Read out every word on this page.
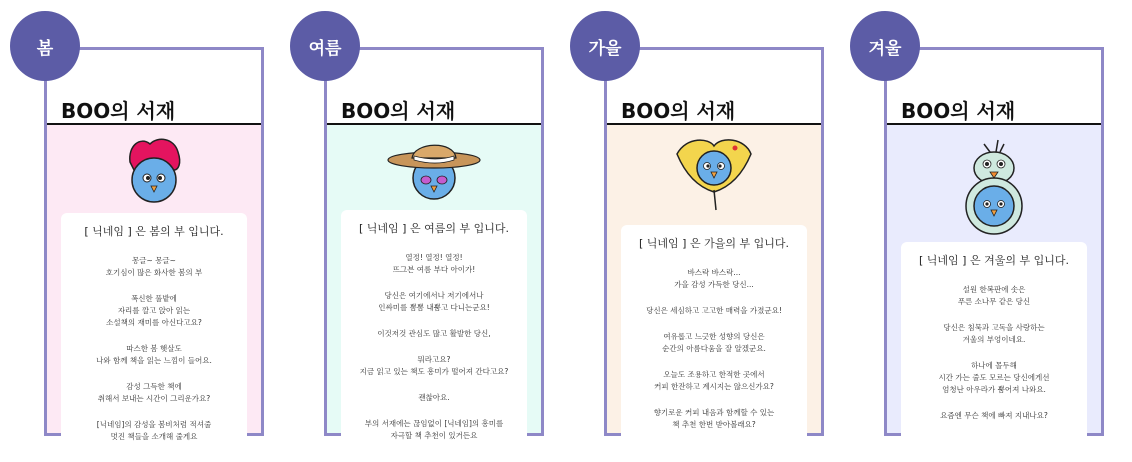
봄
BOO의 서재
[ 닉네임 ] 은 봄의 부 입니다.
몽글~ 몽글~
호기심이 많은 화사한 봄의 부
폭신한 풀밭에
자리를 깔고 앉아 읽는
소설책의 재미를 아신다고요?
따스한 봄 햇살도
나와 함께 책을 읽는 느낌이 들어요.
감성 그득한 책에
취해서 보내는 시간이 그리운가요?
[닉네임]의 감성을 봄비처럼 적셔줄
멋진 책들을 소개해 줄게요
여름
BOO의 서재
[ 닉네임 ] 은 여름의 부 입니다.
열정! 열정! 열정!
뜨그븐 여름 부다 아이가!
당신은 여기에서나 저기에서나
인싸미를 뽐뽐 내뿜고 다니는군요!
이것저것 관심도 많고 활발한 당신,
뭐라고요?
지금 읽고 있는 책도 흥미가 떨어져 간다고요?
괜찮아요.
부의 서재에는 끊임없이 [닉네임]의 흥미를
자극할 책 추천이 있거든요
가을
BOO의 서재
[ 닉네임 ] 은 가을의 부 입니다.
바스락 바스락...
가을 감성 가득한 당신...
당신은 세심하고 고고한 매력을 가졌군요!
여유롭고 느긋한 성향의 당신은
순간의 아름다움을 잘 알겠군요.
오늘도 조용하고 한적한 곳에서
커피 한잔하고 계시지는 않으신가요?
향기로운 커피 내음과 함께할 수 있는
책 추천 한번 받아볼래요?
겨울
BOO의 서재
[ 닉네임 ] 은 겨울의 부 입니다.
설원 한복판에 솟은
푸른 소나무 같은 당신
당신은 침묵과 고독을 사랑하는
겨울의 부엉이네요.
하나에 몰두해
시간 가는 줄도 모르는 당신에게선
엄청난 아우라가 뿜어져 나와요.
요즘엔 무슨 책에 빠져 지내나요?
